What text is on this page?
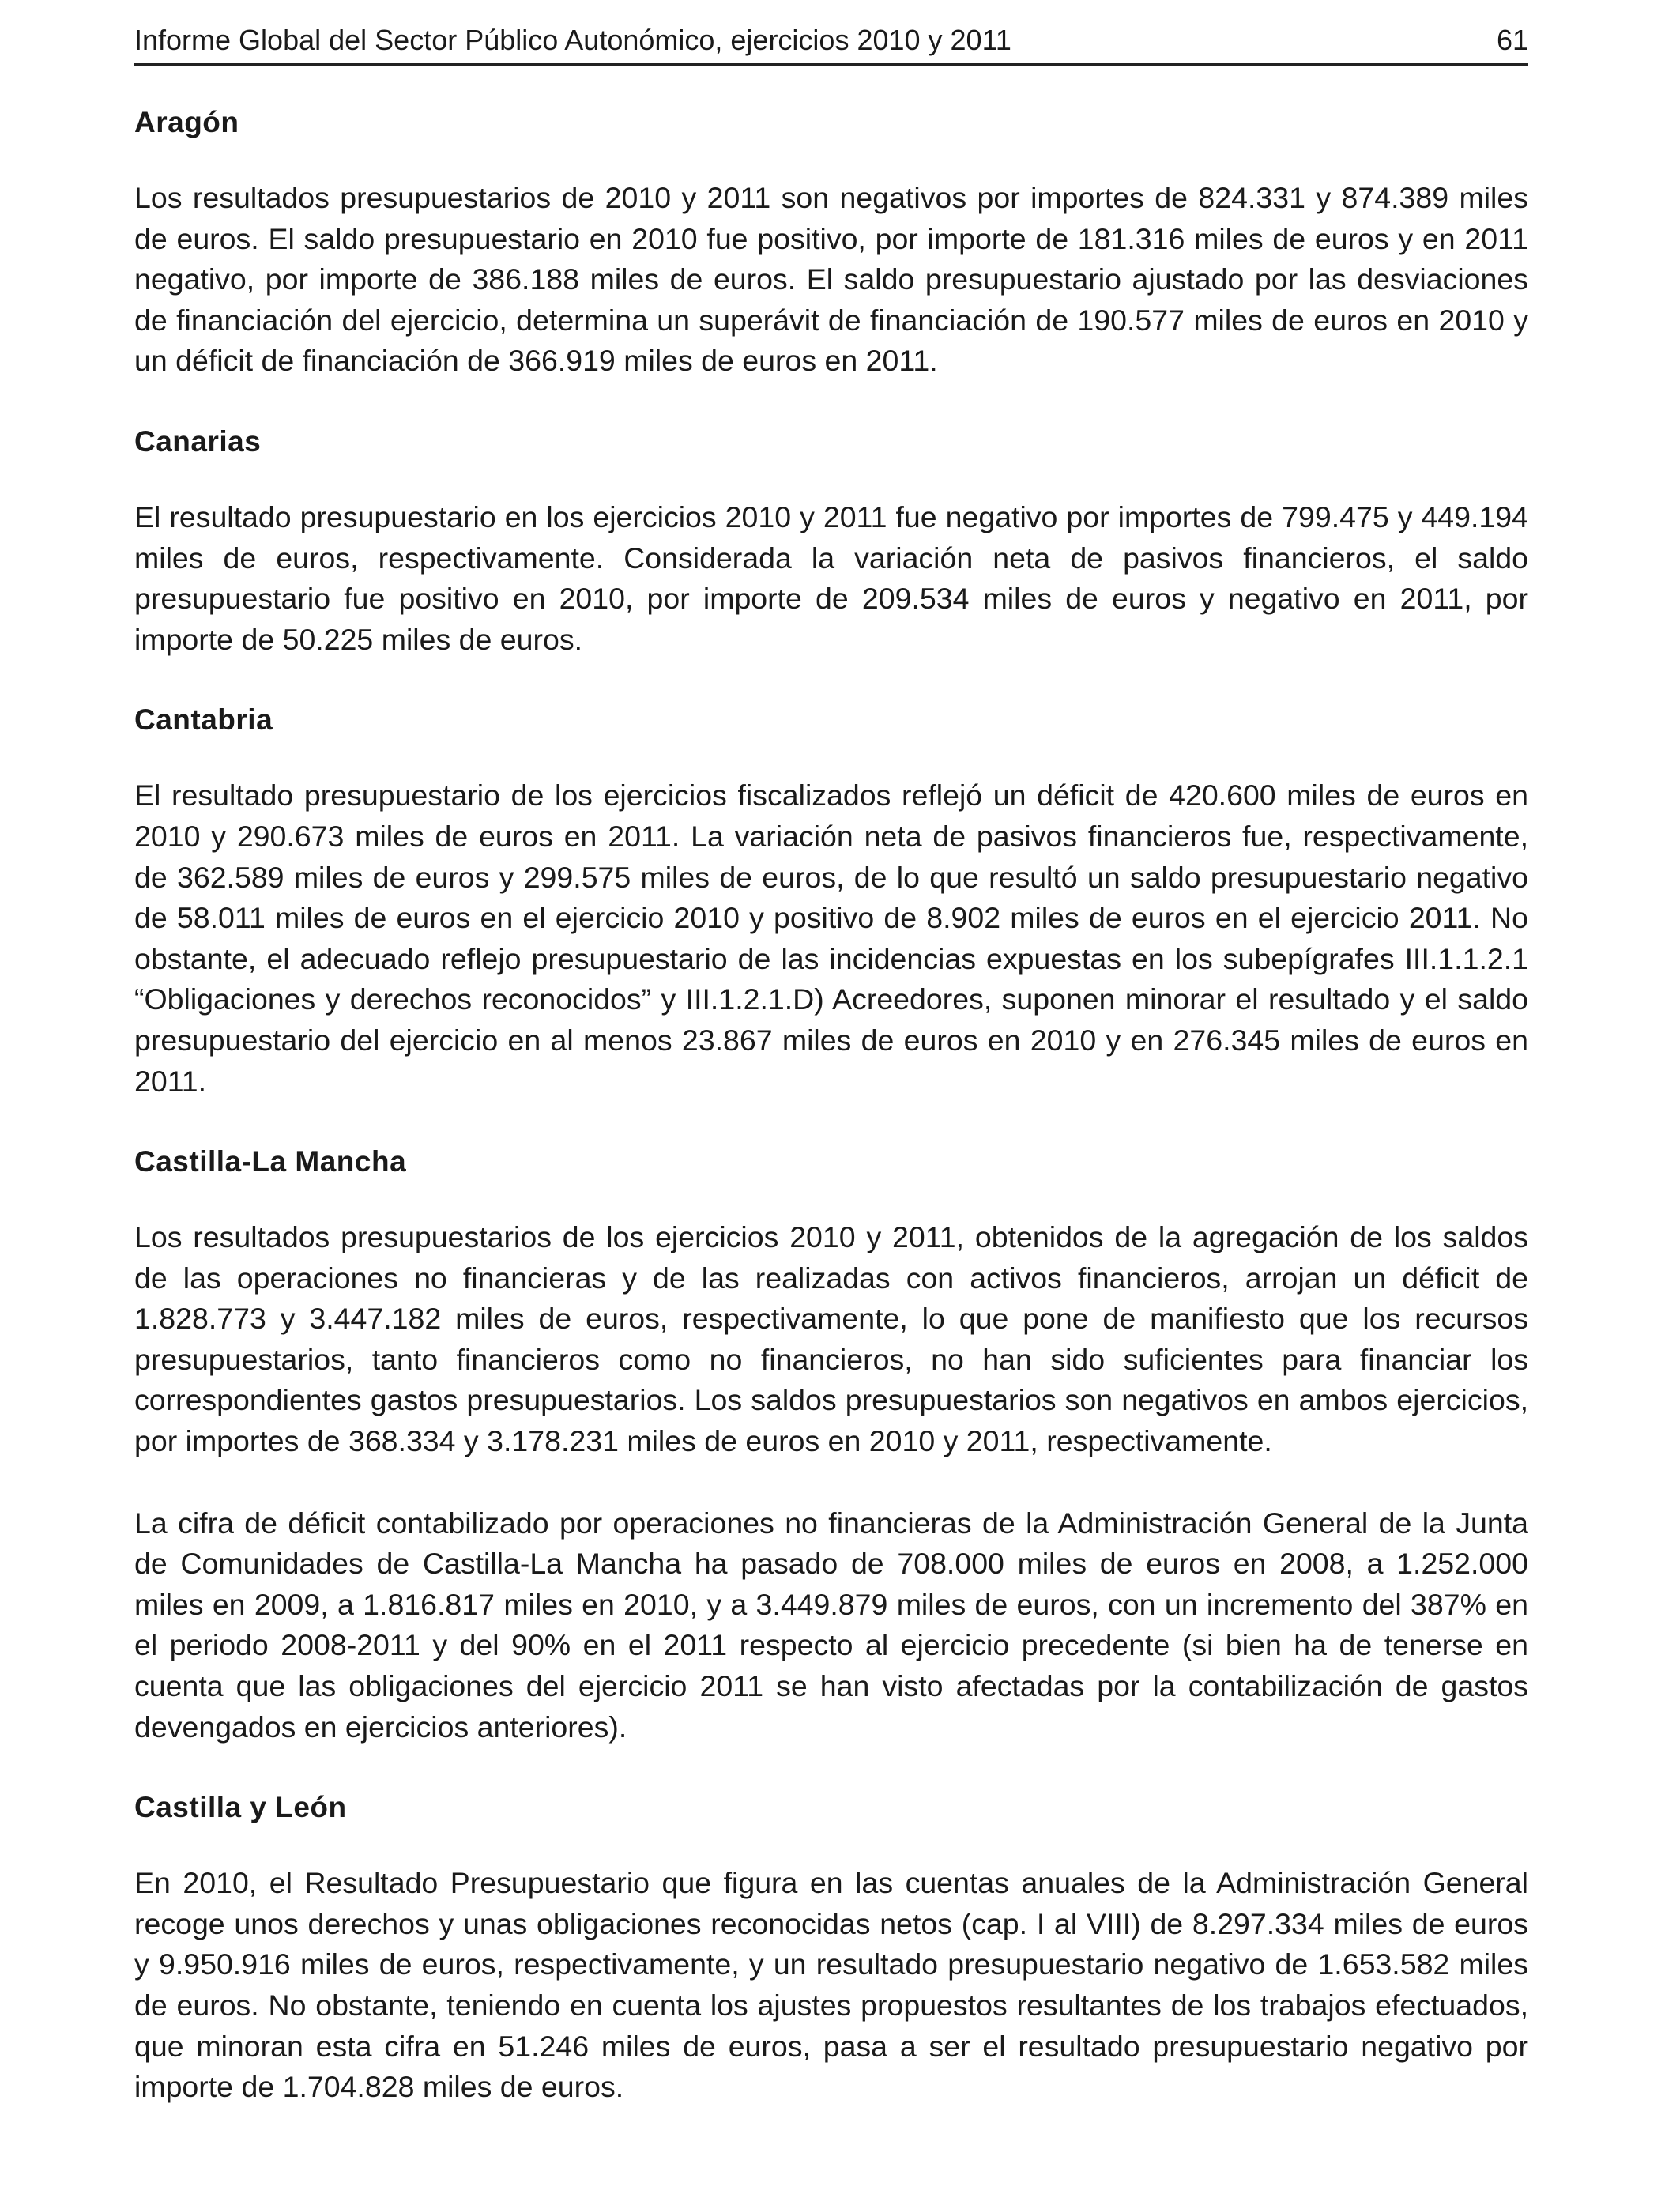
Informe Global del Sector Público Autonómico, ejercicios 2010 y 2011	61
Aragón

Los resultados presupuestarios de 2010 y 2011 son negativos por importes de 824.331 y 874.389 miles de euros. El saldo presupuestario en 2010 fue positivo, por importe de 181.316 miles de euros y en 2011 negativo, por importe de 386.188 miles de euros. El saldo presupuestario ajustado por las desviaciones de financiación del ejercicio, determina un superávit de financiación de 190.577 miles de euros en 2010 y un déficit de financiación de 366.919 miles de euros en 2011.

Canarias

El resultado presupuestario en los ejercicios 2010 y 2011 fue negativo por importes de 799.475 y 449.194 miles de euros, respectivamente. Considerada la variación neta de pasivos financieros, el saldo presupuestario fue positivo en 2010, por importe de 209.534 miles de euros y negativo en 2011, por importe de 50.225 miles de euros.

Cantabria

El resultado presupuestario de los ejercicios fiscalizados reflejó un déficit de 420.600 miles de euros en 2010 y 290.673 miles de euros en 2011. La variación neta de pasivos financieros fue, respectivamente, de 362.589 miles de euros y 299.575 miles de euros, de lo que resultó un saldo presupuestario negativo de 58.011 miles de euros en el ejercicio 2010 y positivo de 8.902 miles de euros en el ejercicio 2011. No obstante, el adecuado reflejo presupuestario de las incidencias expuestas en los subepígrafes III.1.1.2.1 “Obligaciones y derechos reconocidos” y III.1.2.1.D) Acreedores, suponen minorar el resultado y el saldo presupuestario del ejercicio en al menos 23.867 miles de euros en 2010 y en 276.345 miles de euros en 2011.

Castilla-La Mancha

Los resultados presupuestarios de los ejercicios 2010 y 2011, obtenidos de la agregación de los saldos de las operaciones no financieras y de las realizadas con activos financieros, arrojan un déficit de 1.828.773 y 3.447.182 miles de euros, respectivamente, lo que pone de manifiesto que los recursos presupuestarios, tanto financieros como no financieros, no han sido suficientes para financiar los correspondientes gastos presupuestarios. Los saldos presupuestarios son negativos en ambos ejercicios, por importes de 368.334 y 3.178.231 miles de euros en 2010 y 2011, respectivamente.

La cifra de déficit contabilizado por operaciones no financieras de la Administración General de la Junta de Comunidades de Castilla-La Mancha ha pasado de 708.000 miles de euros en 2008, a 1.252.000 miles en 2009, a 1.816.817 miles en 2010, y a 3.449.879 miles de euros, con un incremento del 387% en el periodo 2008-2011 y del 90% en el 2011 respecto al ejercicio precedente (si bien ha de tenerse en cuenta que las obligaciones del ejercicio 2011 se han visto afectadas por la contabilización de gastos devengados en ejercicios anteriores).

Castilla y León

En 2010, el Resultado Presupuestario que figura en las cuentas anuales de la Administración General recoge unos derechos y unas obligaciones reconocidas netos (cap. I al VIII) de 8.297.334 miles de euros y 9.950.916 miles de euros, respectivamente, y un resultado presupuestario negativo de 1.653.582 miles de euros. No obstante, teniendo en cuenta los ajustes propuestos resultantes de los trabajos efectuados, que minoran esta cifra en 51.246 miles de euros, pasa a ser el resultado presupuestario negativo por importe de 1.704.828 miles de euros.
